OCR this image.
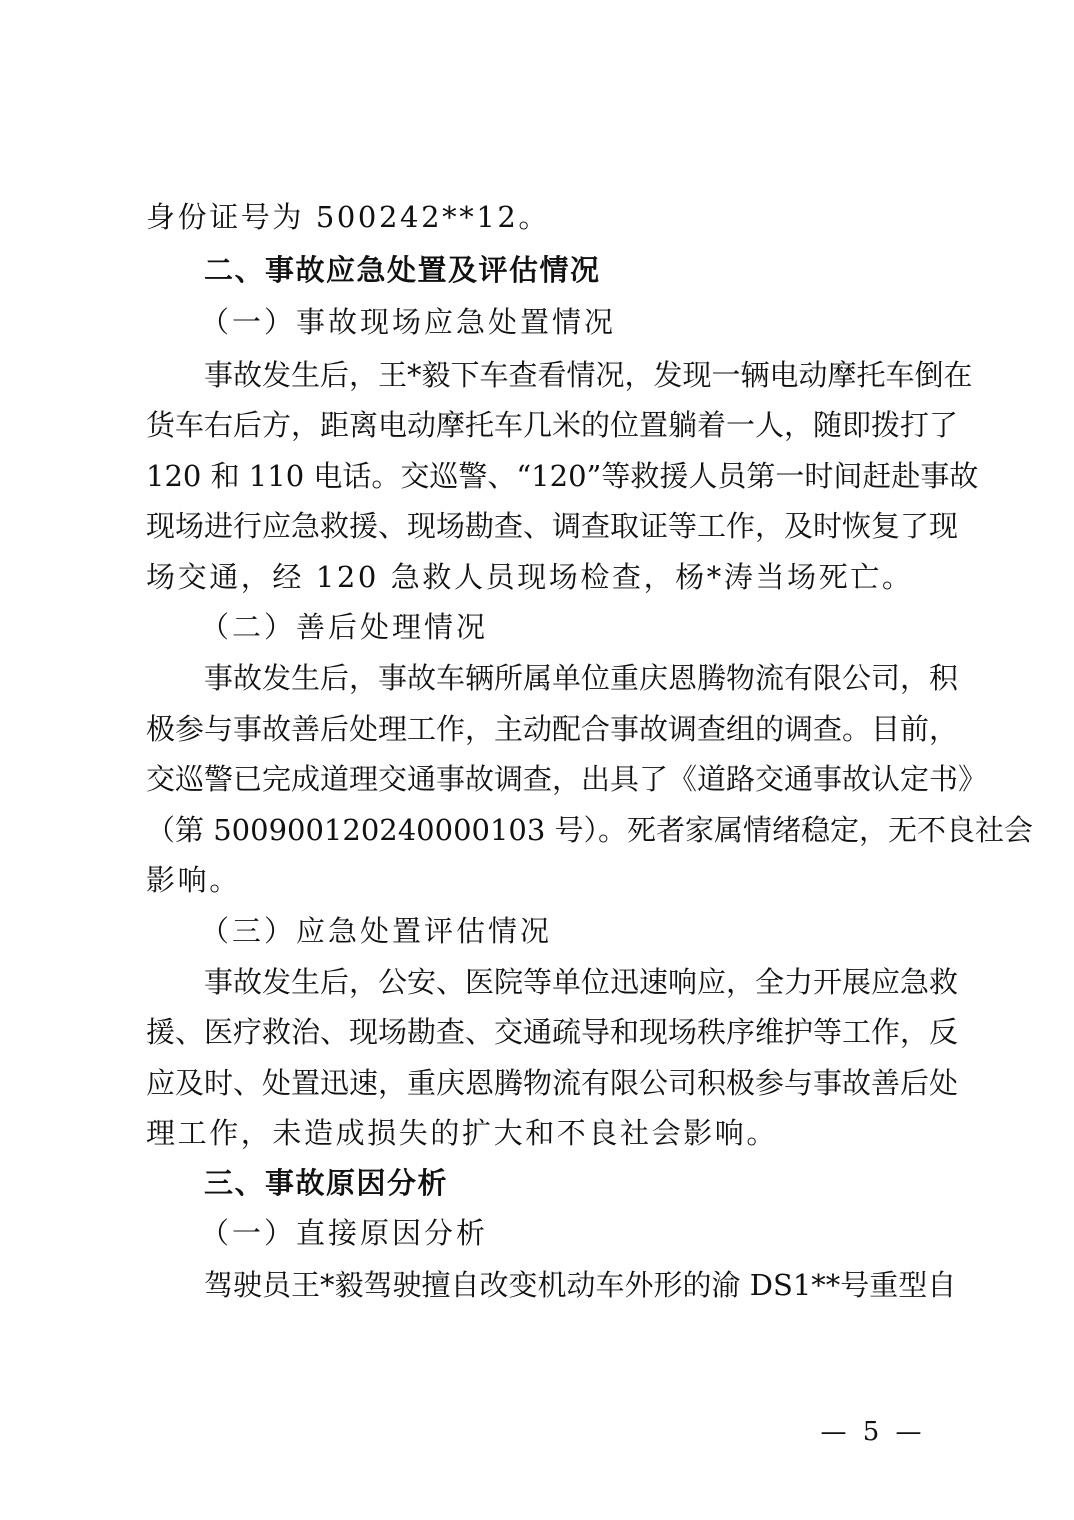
身份证号为 500242**12。
二、事故应急处置及评估情况
（一）事故现场应急处置情况
事故发生后，王*毅下车查看情况，发现一辆电动摩托车倒在
货车右后方，距离电动摩托车几米的位置躺着一人，随即拨打了
120 和 110 电话。交巡警、“120”等救援人员第一时间赶赴事故
现场进行应急救援、现场勘查、调查取证等工作，及时恢复了现
场交通，经 120 急救人员现场检查，杨*涛当场死亡。
（二）善后处理情况
事故发生后，事故车辆所属单位重庆恩腾物流有限公司，积
极参与事故善后处理工作，主动配合事故调查组的调查。目前，
交巡警已完成道理交通事故调查，出具了《道路交通事故认定书》
（第 500900120240000103 号）。死者家属情绪稳定，无不良社会
影响。
（三）应急处置评估情况
事故发生后，公安、医院等单位迅速响应，全力开展应急救
援、医疗救治、现场勘查、交通疏导和现场秩序维护等工作，反
应及时、处置迅速，重庆恩腾物流有限公司积极参与事故善后处
理工作，未造成损失的扩大和不良社会影响。
三、事故原因分析
（一）直接原因分析
驾驶员王*毅驾驶擅自改变机动车外形的渝 DS1**号重型自
— 5 —
